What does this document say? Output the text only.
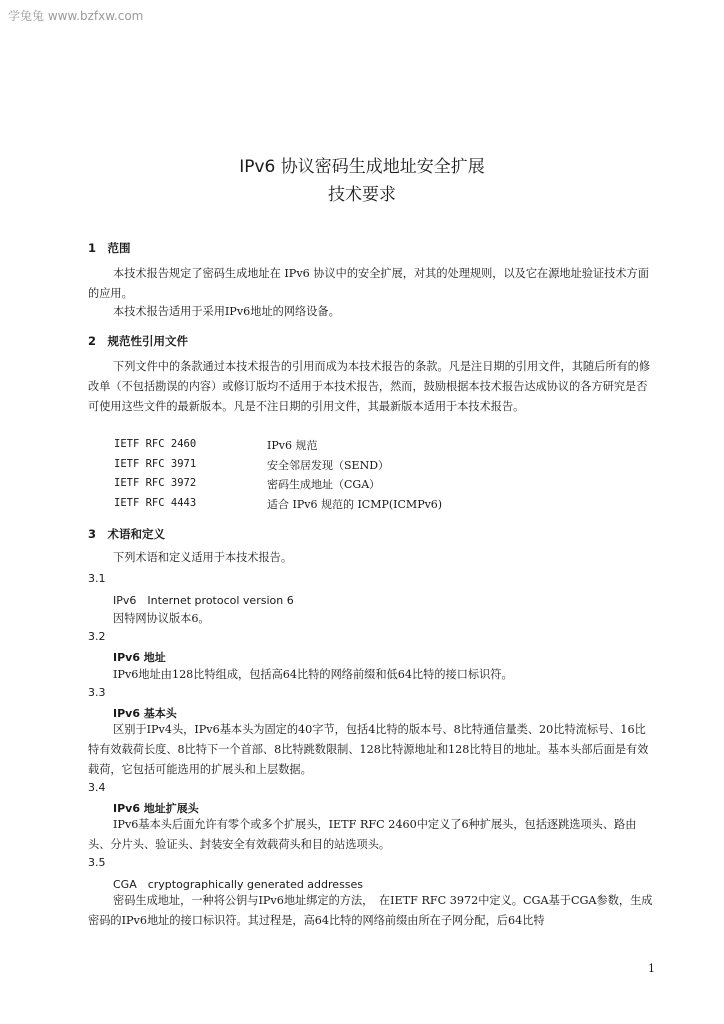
学兔兔 www.bzfxw.com
IPv6 协议密码生成地址安全扩展
技术要求
1　范围
本技术报告规定了密码生成地址在 IPv6 协议中的安全扩展，对其的处理规则，以及它在源地址验证技术方面的应用。
本技术报告适用于采用IPv6地址的网络设备。
2　规范性引用文件
下列文件中的条款通过本技术报告的引用而成为本技术报告的条款。凡是注日期的引用文件，其随后所有的修改单（不包括勘误的内容）或修订版均不适用于本技术报告，然而，鼓励根据本技术报告达成协议的各方研究是否可使用这些文件的最新版本。凡是不注日期的引用文件，其最新版本适用于本技术报告。
IETF RFC 2460	IPv6 规范
IETF RFC 3971	安全邻居发现（SEND）
IETF RFC 3972	密码生成地址（CGA）
IETF RFC 4443	适合 IPv6 规范的 ICMP(ICMPv6)
3　术语和定义
下列术语和定义适用于本技术报告。
3.1
IPv6　Internet protocol version 6
因特网协议版本6。
3.2
IPv6 地址
IPv6地址由128比特组成，包括高64比特的网络前缀和低64比特的接口标识符。
3.3
IPv6 基本头
区别于IPv4头，IPv6基本头为固定的40字节，包括4比特的版本号、8比特通信量类、20比特流标号、16比特有效载荷长度、8比特下一个首部、8比特跳数限制、128比特源地址和128比特目的地址。基本头部后面是有效载荷，它包括可能选用的扩展头和上层数据。
3.4
IPv6 地址扩展头
IPv6基本头后面允许有零个或多个扩展头，IETF RFC 2460中定义了6种扩展头，包括逐跳选项头、路由头、分片头、验证头、封装安全有效载荷头和目的站选项头。
3.5
CGA　cryptographically generated addresses
密码生成地址，一种将公钥与IPv6地址绑定的方法，　在IETF RFC 3972中定义。CGA基于CGA参数，生成密码的IPv6地址的接口标识符。其过程是，高64比特的网络前缀由所在子网分配，后64比特
1
